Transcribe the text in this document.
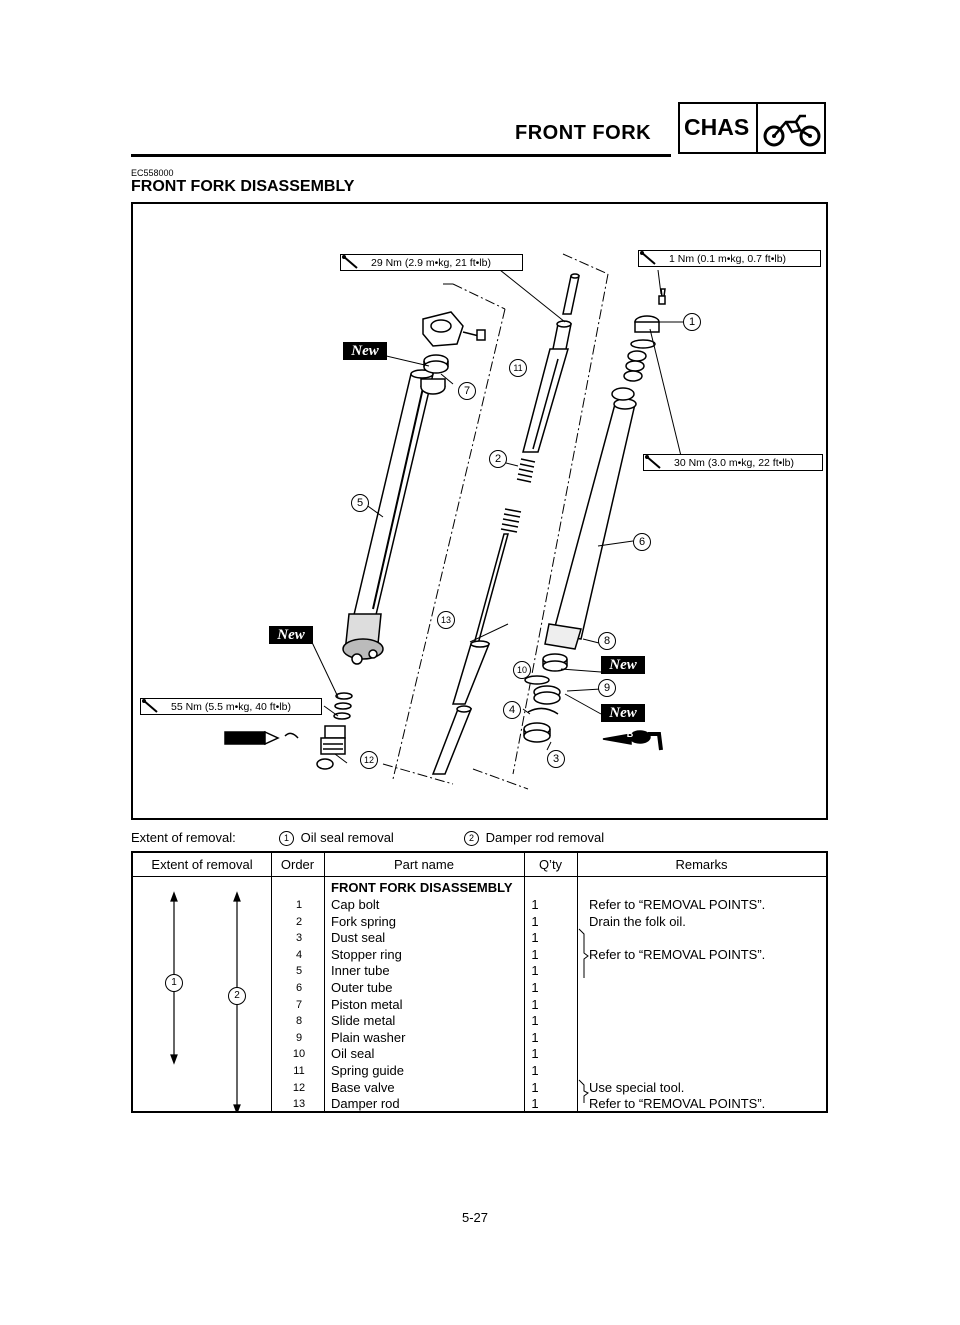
FRONT FORK CHAS
EC558000
FRONT FORK DISASSEMBLY
29 Nm (2.9 m•kg, 21 ft•lb)	1 Nm (0.1 m•kg, 0.7 ft•lb)
30 Nm (3.0 m•kg, 22 ft•lb)
55 Nm (5.5 m•kg, 40 ft•lb)
New
New
New
New
B
1
2
3
4
5
6
7
8
9
10
11
12
13
Extent of removal:	1 Oil seal removal	2 Damper rod removal
Extent of removal	Order	Part name	Q’ty	Remarks
1
2
FRONT FORK DISASSEMBLY
1	Cap bolt	1	Refer to “REMOVAL POINTS”.
2	Fork spring	1	Drain the folk oil.
3	Dust seal	1
4	Stopper ring	1	Refer to “REMOVAL POINTS”.
5	Inner tube	1
6	Outer tube	1
7	Piston metal	1
8	Slide metal	1
9	Plain washer	1
10	Oil seal	1
11	Spring guide	1
12	Base valve	1	Use special tool.
13	Damper rod	1	Refer to “REMOVAL POINTS”.
5-27
